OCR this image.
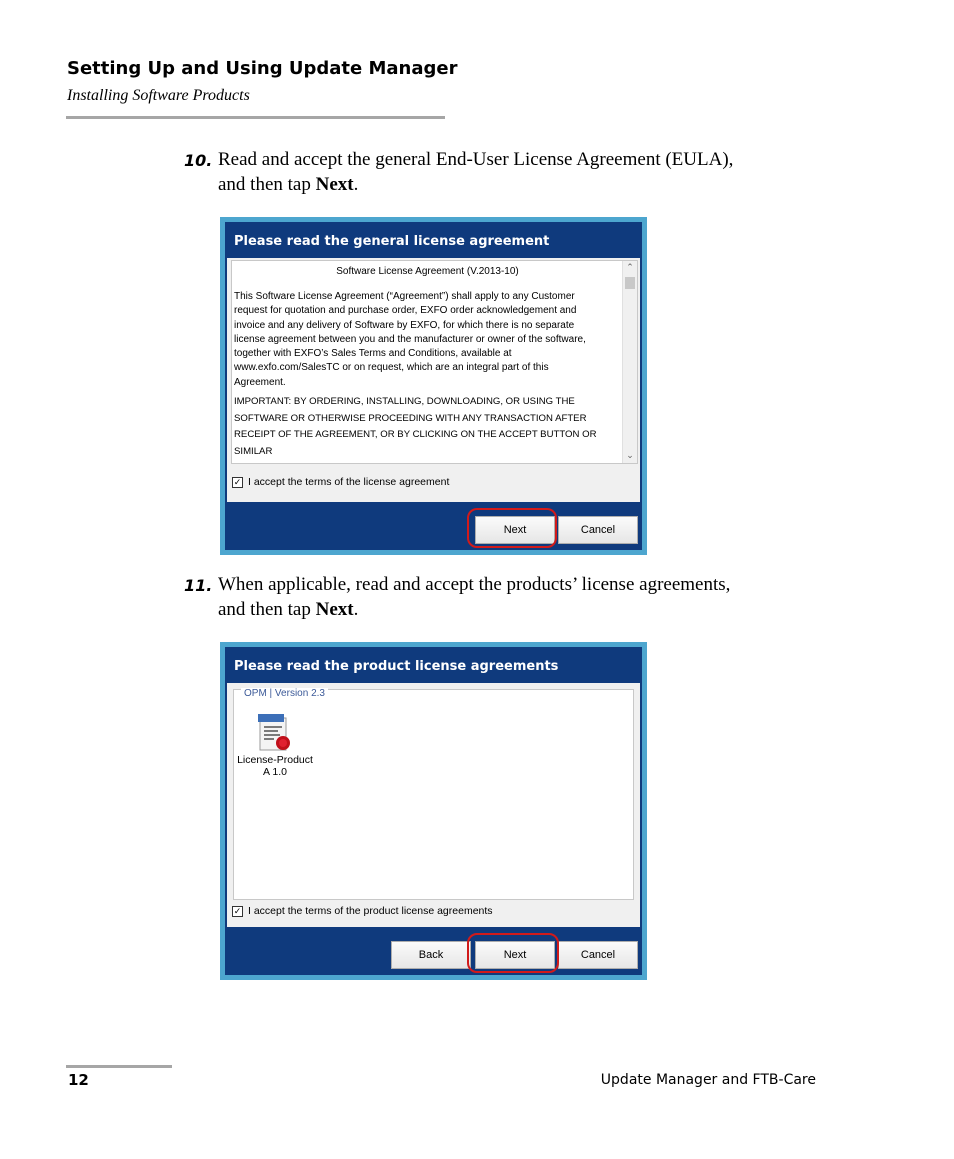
Setting Up and Using Update Manager
Installing Software Products
10. Read and accept the general End-User License Agreement (EULA),
and then tap Next.
Please read the general license agreement
Software License Agreement (V.2013-10)

This Software License Agreement (“Agreement”) shall apply to any Customer

request for quotation and purchase order, EXFO order acknowledgement and

invoice and any delivery of Software by EXFO, for which there is no separate

license agreement between you and the manufacturer or owner of the software,

together with EXFO’s Sales Terms and Conditions, available at

www.exfo.com/SalesTC or on request, which are an integral part of this

Agreement.

IMPORTANT: BY ORDERING, INSTALLING, DOWNLOADING, OR USING THE

SOFTWARE OR OTHERWISE PROCEEDING WITH ANY TRANSACTION AFTER

RECEIPT OF THE AGREEMENT, OR BY CLICKING ON THE ACCEPT BUTTON OR SIMILAR

⌃
⌄
✓ I accept the terms of the license agreement
Next	Cancel
11. When applicable, read and accept the products’ license agreements,
and then tap Next.
Please read the product license agreements
OPM | Version 2.3
License-Product
A 1.0
✓ I accept the terms of the product license agreements
Back	Next	Cancel
12	Update Manager and FTB-Care
